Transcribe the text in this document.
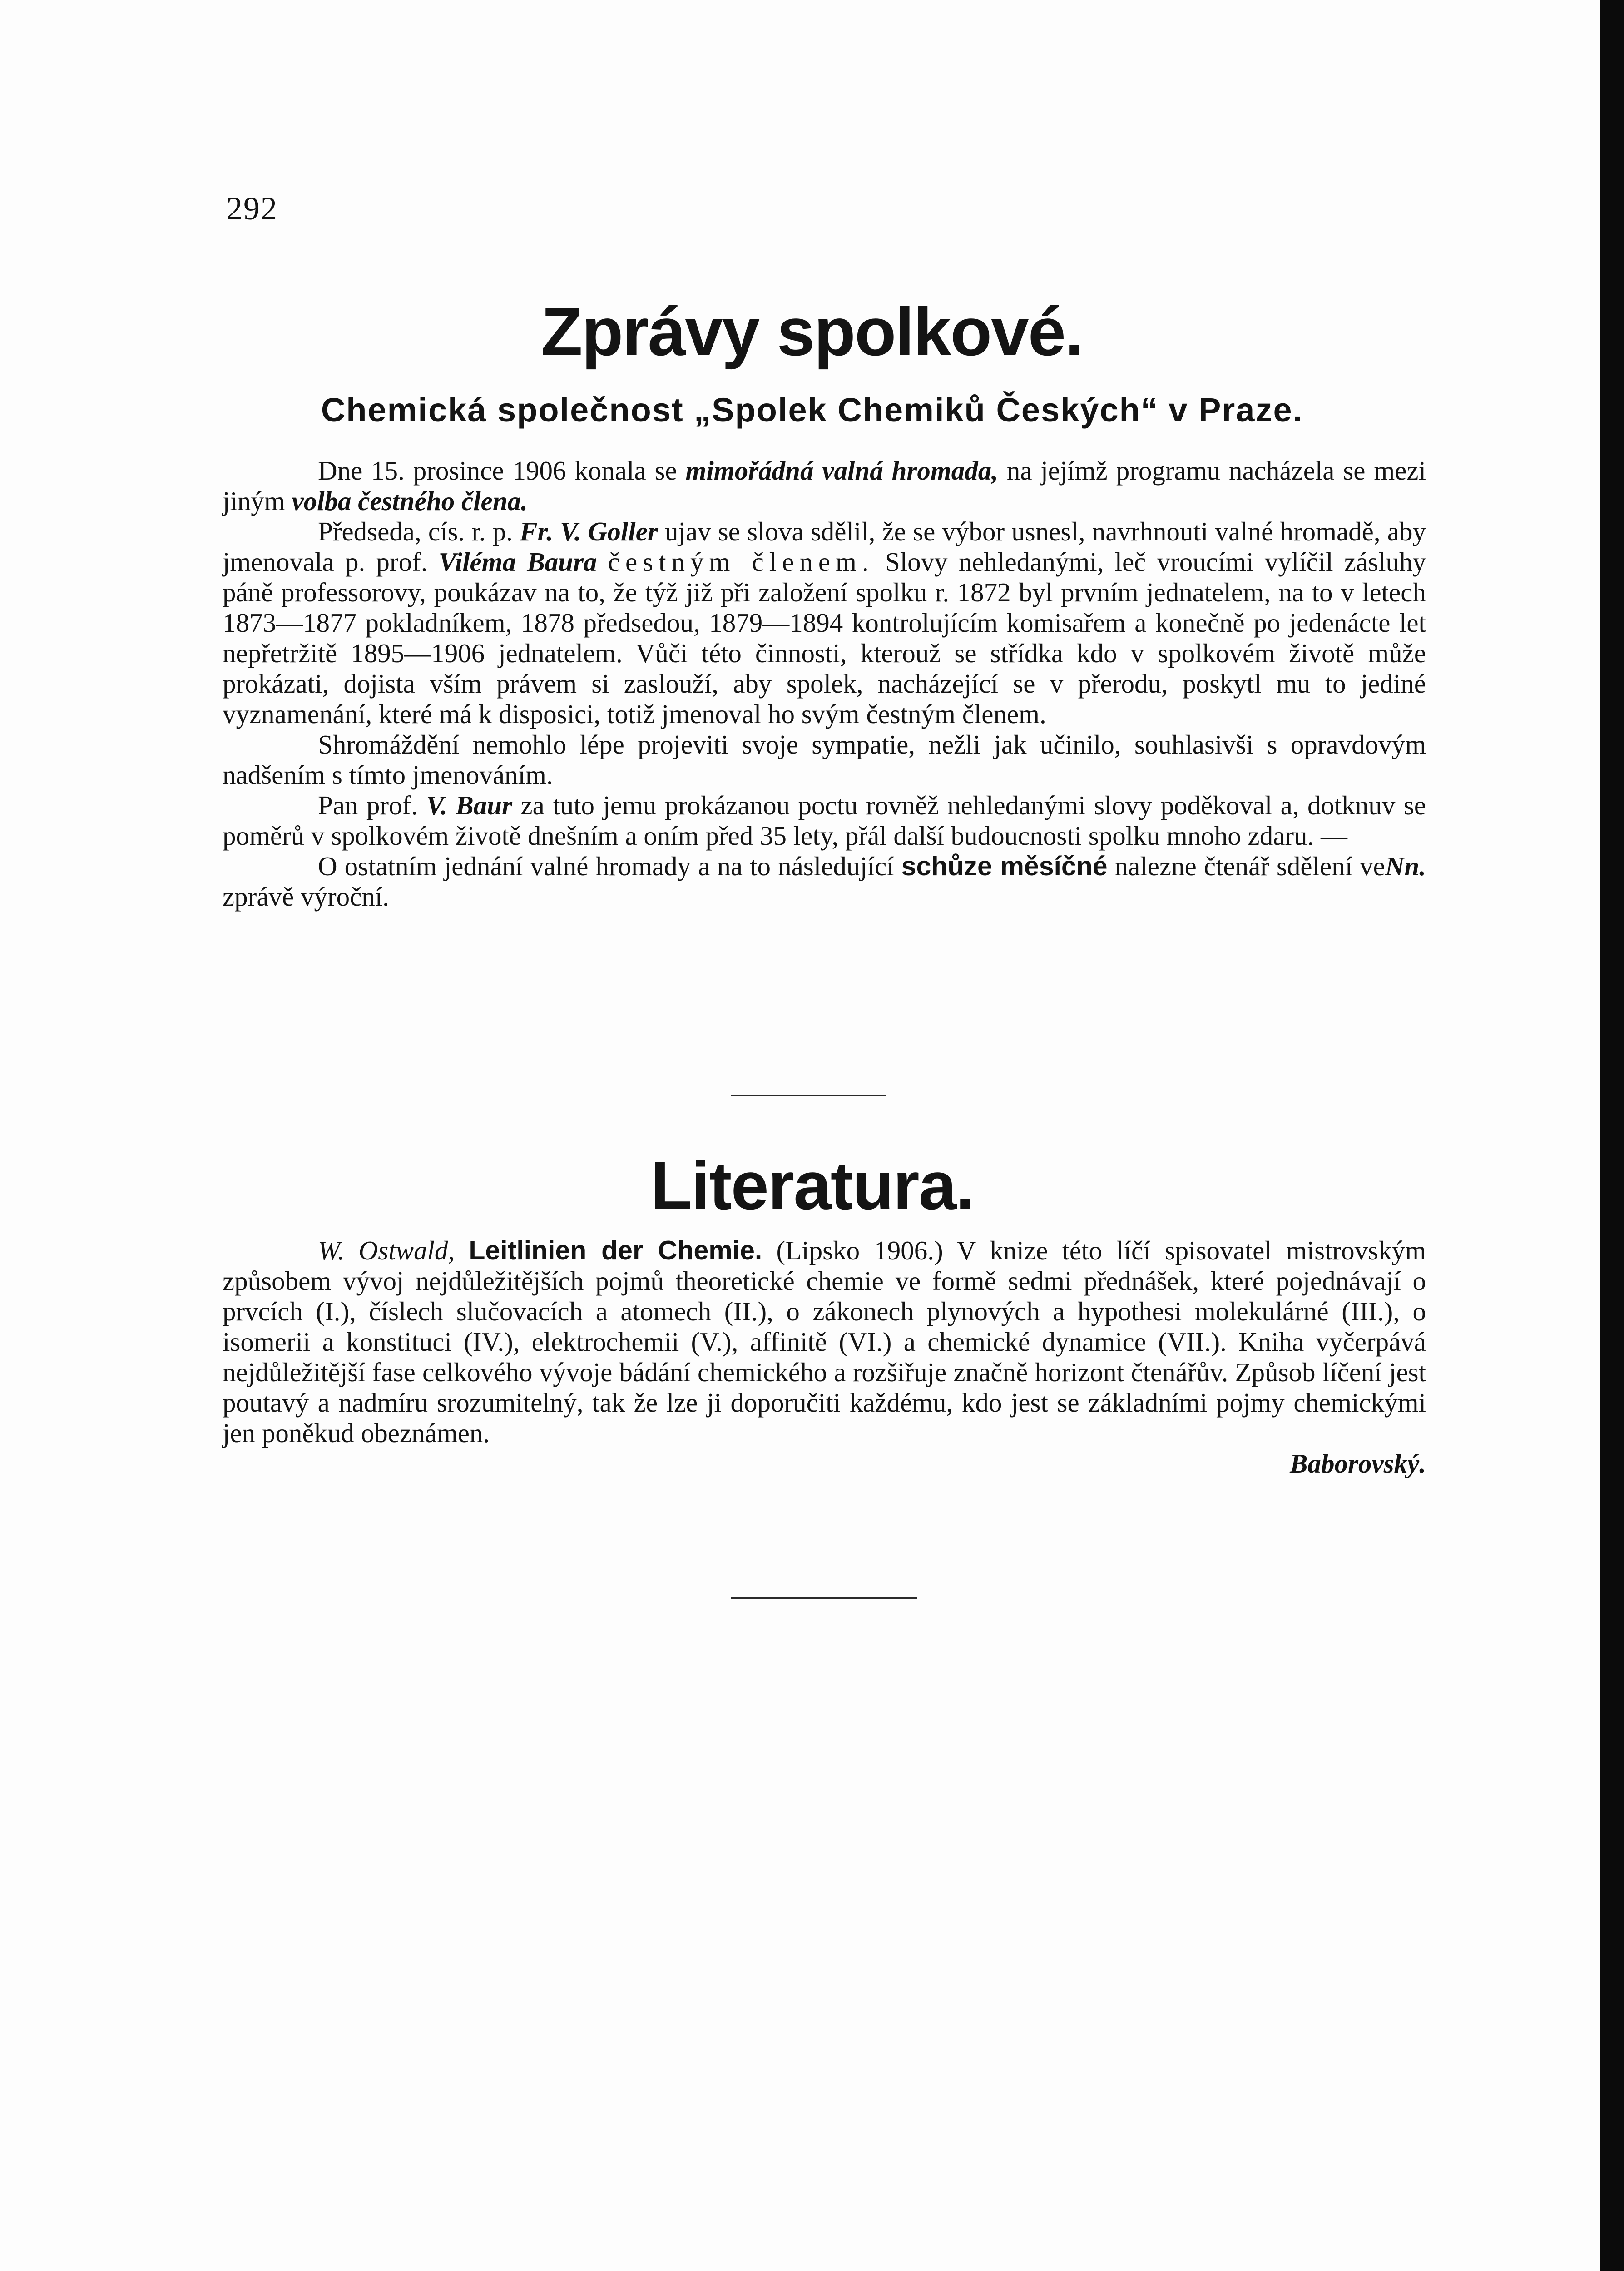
292
Zprávy spolkové.
Chemická společnost „Spolek Chemiků Českých“ v Praze.

Dne 15. prosince 1906 konala se mimořádná valná hromada, na jejímž programu nacházela se mezi jiným volba čestného člena.

Předseda, cís. r. p. Fr. V. Goller ujav se slova sdělil, že se výbor usnesl, navrhnouti valné hromadě, aby jmenovala p. prof. Viléma Baura čestným členem. Slovy nehledanými, leč vroucími vylíčil zásluhy páně professorovy, poukázav na to, že týž již při založení spolku r. 1872 byl prvním jednatelem, na to v letech 1873—1877 pokladníkem, 1878 předsedou, 1879—1894 kontrolujícím komisařem a konečně po jedenácte let nepřetržitě 1895—1906 jednatelem. Vůči této činnosti, kterouž se střídka kdo v spolkovém životě může prokázati, dojista vším právem si zaslouží, aby spolek, nacházející se v přerodu, poskytl mu to jediné vyznamenání, které má k disposici, totiž jmenoval ho svým čestným členem.

Shromáždění nemohlo lépe projeviti svoje sympatie, nežli jak učinilo, souhlasivši s opravdovým nadšením s tímto jmenováním.

Pan prof. V. Baur za tuto jemu prokázanou poctu rovněž nehledanými slovy poděkoval a, dotknuv se poměrů v spolkovém životě dnešním a oním před 35 lety, přál další budoucnosti spolku mnoho zdaru. —

Nn.
O ostatním jednání valné hromady a na to následující schůze měsíčné nalezne čtenář sdělení ve zprávě výroční.

Literatura.

W. Ostwald, Leitlinien der Chemie. (Lipsko 1906.) V knize této líčí spisovatel mistrovským způsobem vývoj nejdůležitějších pojmů theoretické chemie ve formě sedmi přednášek, které pojednávají o prvcích (I.), číslech slučovacích a atomech (II.), o zákonech plynových a hypothesi molekulárné (III.), o isomerii a konstituci (IV.), elektrochemii (V.), affinitě (VI.) a chemické dynamice (VII.). Kniha vyčerpává nejdůležitější fase celkového vývoje bádání chemického a rozšiřuje značně horizont čtenářův. Způsob líčení jest poutavý a nadmíru srozumitelný, tak že lze ji doporučiti každému, kdo jest se základními pojmy chemickými jen poněkud obeznámen.

Baborovský.
